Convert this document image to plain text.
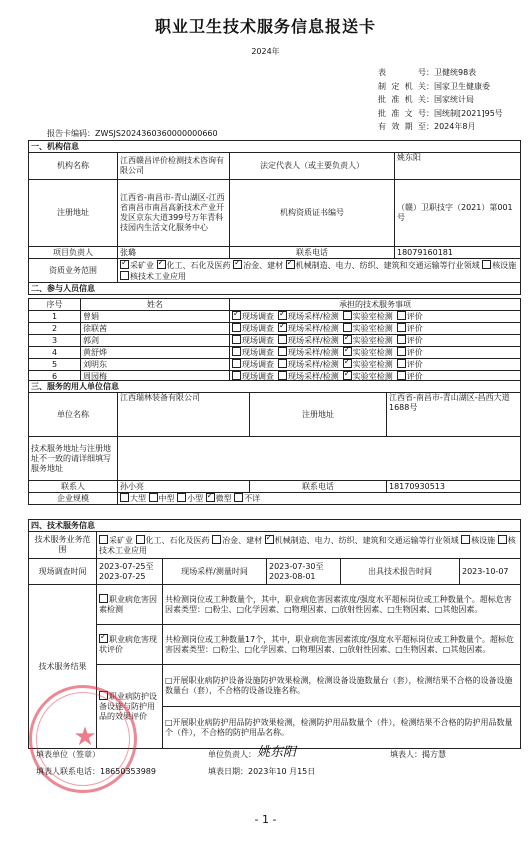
职业卫生技术服务信息报送卡
2024年
表　　号：卫健统98表
制定机关：国家卫生健康委
批准机关：国家统计局
批准文号：国统制[2021]95号
有效期至：2024年8月
报告卡编码：ZWSJS2024360360000000660
一、机构信息			
机构名称	江西赣昌评价检测技术咨询有限公司	法定代表人（或主要负责人）	姚东阳
注册地址	江西省-南昌市-青山湖区-江西省南昌市南昌高新技术产业开发区京东大道399号万年青科技园内生活文化服务中心	机构资质证书编号	（赣）卫职技字（2021）第001号
项目负责人	张璐	联系电话	18079160181
资质业务范围	✓采矿业 ✓ 化工、石化及医药 ✓ 冶金、建材 ✓ 机械制造、电力、纺织、建筑和交通运输等行业领域 核设施 核技术工业应用
二、参与人员信息			
序号	姓名	承担的技术服务事项
1	曾娟	✓现场调查 ✓ 现场采样/检测 实验室检测 评价
2	徐联茜	现场调查 ✓ 现场采样/检测 实验室检测 评价
3	郭剑	现场调查 现场采样/检测 ✓ 实验室检测 评价
4	黄舒烨	现场调查 现场采样/检测 ✓ 实验室检测 评价
5	刘明东	现场调查 现场采样/检测 ✓ 实验室检测 评价
6	周园梅	现场调查 现场采样/检测 ✓ 实验室检测 评价
三、服务的用人单位信息			
单位名称	江西瑞林装备有限公司	注册地址	江西省-南昌市-青山湖区-昌西大道1688号
技术服务地址与注册地址不一致的请详细填写服务地址			
联系人	孙小亮	联系电话	18170930513
企业规模	大型 中型 小型 ✓ 微型 不详
四、技术服务信息					
技术服务业务范围	采矿业 化工、石化及医药 冶金、建材 ✓ 机械制造、电力、纺织、建筑和交通运输等行业领域 核设施 核技术工业应用
现场调查时间	2023-07-25至2023-07-25	现场采样/测量时间	2023-07-30至2023-08-01	出具技术报告时间	2023-10-07
技术服务结果	职业病危害因素检测	共检测岗位或工种数量个，其中，职业病危害因素浓度/强度水平超标岗位或工种数量个。超标危害因素类型：□粉尘、□化学因素、□物理因素、□放射性因素、□生物因素、□其他因素。			
✓职业病危害现状评价	共检测岗位或工种数量17个，其中，职业病危害因素浓度/强度水平超标岗位或工种数量个。超标危害因素类型：□粉尘、□化学因素、□物理因素、□放射性因素、□生物因素、□其他因素。			
	职业病防护设备设施与防护用品的效果评价	□开展职业病防护设备设施防护效果检测，检测设备设施数量台（套），检测结果不合格的设备设施数量台（套），不合格的设备设施名称。			
		□开展职业病防护用品防护效果检测，检测防护用品数量个（件），检测结果不合格的防护用品数量个（件），不合格的防护用品名称。			
★
填表单位（签章）	单位负责人： 姚东阳	填表人：揭方慧
填表人联系电话：18650353989	填表日期：2023年10 月15日
- 1 -
